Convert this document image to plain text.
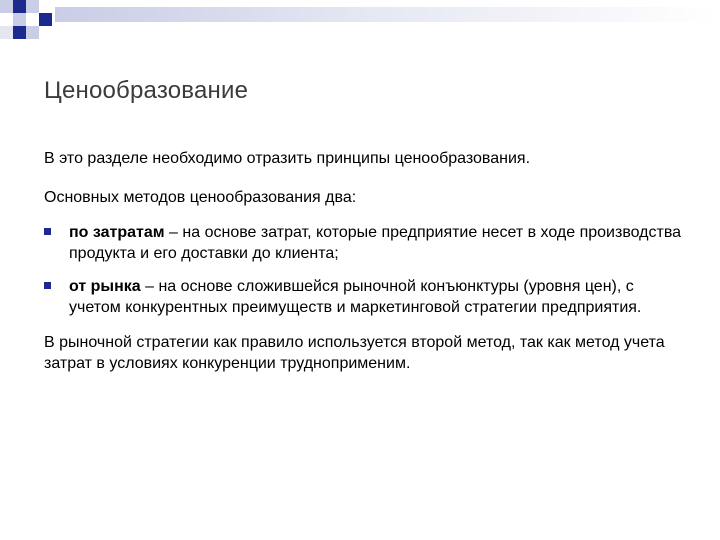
Ценообразование

В это разделе необходимо отразить принципы ценообразования.

Основных методов ценообразования два:

по затратам – на основе затрат, которые предприятие несет в ходе производства продукта и его доставки до клиента;
от рынка – на основе сложившейся рыночной конъюнктуры (уровня цен), с учетом конкурентных преимуществ и маркетинговой стратегии предприятия.

В рыночной стратегии как правило используется второй метод, так как метод учета затрат в условиях конкуренции трудноприменим.
